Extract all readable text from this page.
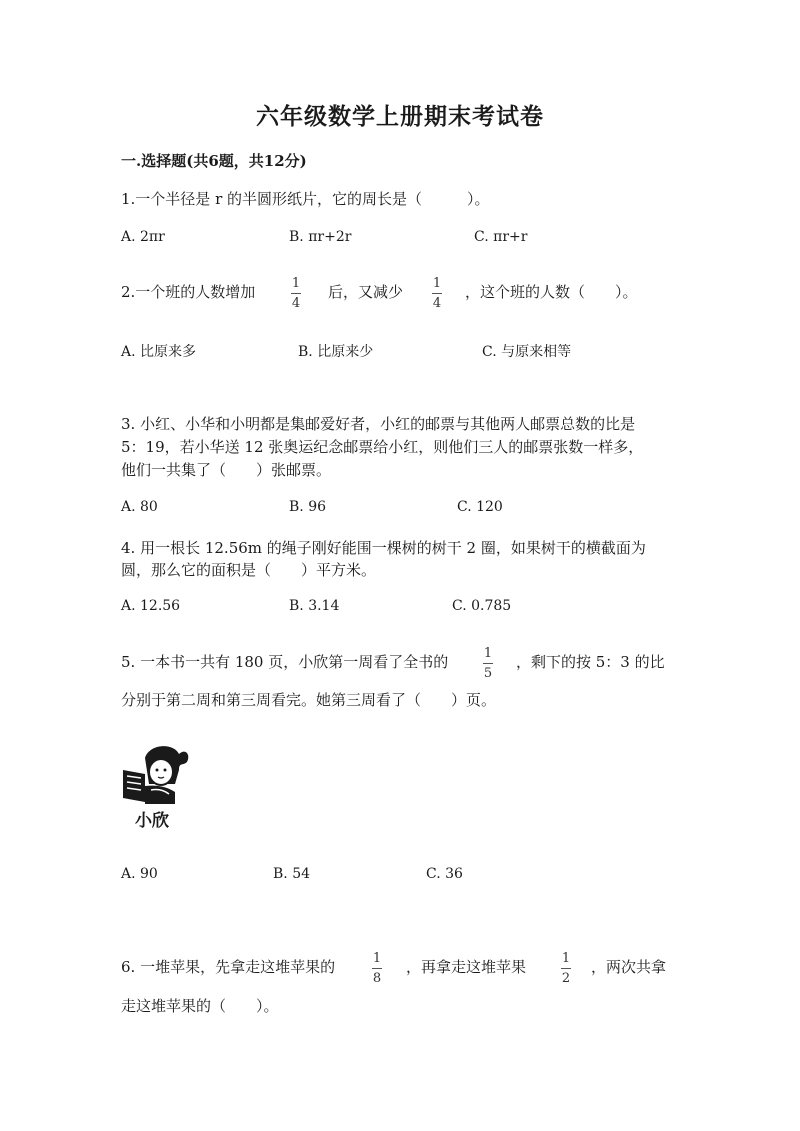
六年级数学上册期末考试卷
一.选择题(共6题，共12分)
1.一个半径是 r 的半圆形纸片，它的周长是（　　　）。
A. 2πr	B. πr+2r	C. πr+r
2.一个班的人数增加	1
4
后，又减少 1
4
，这个班的人数（　　）。
A. 比原来多	B. 比原来少	C. 与原来相等
3. 小红、小华和小明都是集邮爱好者，小红的邮票与其他两人邮票总数的比是
5：19，若小华送 12 张奥运纪念邮票给小红，则他们三人的邮票张数一样多，
他们一共集了（　　）张邮票。
A. 80	B. 96	C. 120
4. 用一根长 12.56m 的绳子刚好能围一棵树的树干 2 圈，如果树干的横截面为
圆，那么它的面积是（　　）平方米。
A. 12.56	B. 3.14	C. 0.785
5. 一本书一共有 180 页，小欣第一周看了全书的	1
5
，剩下的按 5：3 的比
分别于第二周和第三周看完。她第三周看了（　　）页。
小欣
A. 90	B. 54	C. 36
6. 一堆苹果，先拿走这堆苹果的	1
8
，再拿走这堆苹果	1
2
，两次共拿
走这堆苹果的（　　）。
